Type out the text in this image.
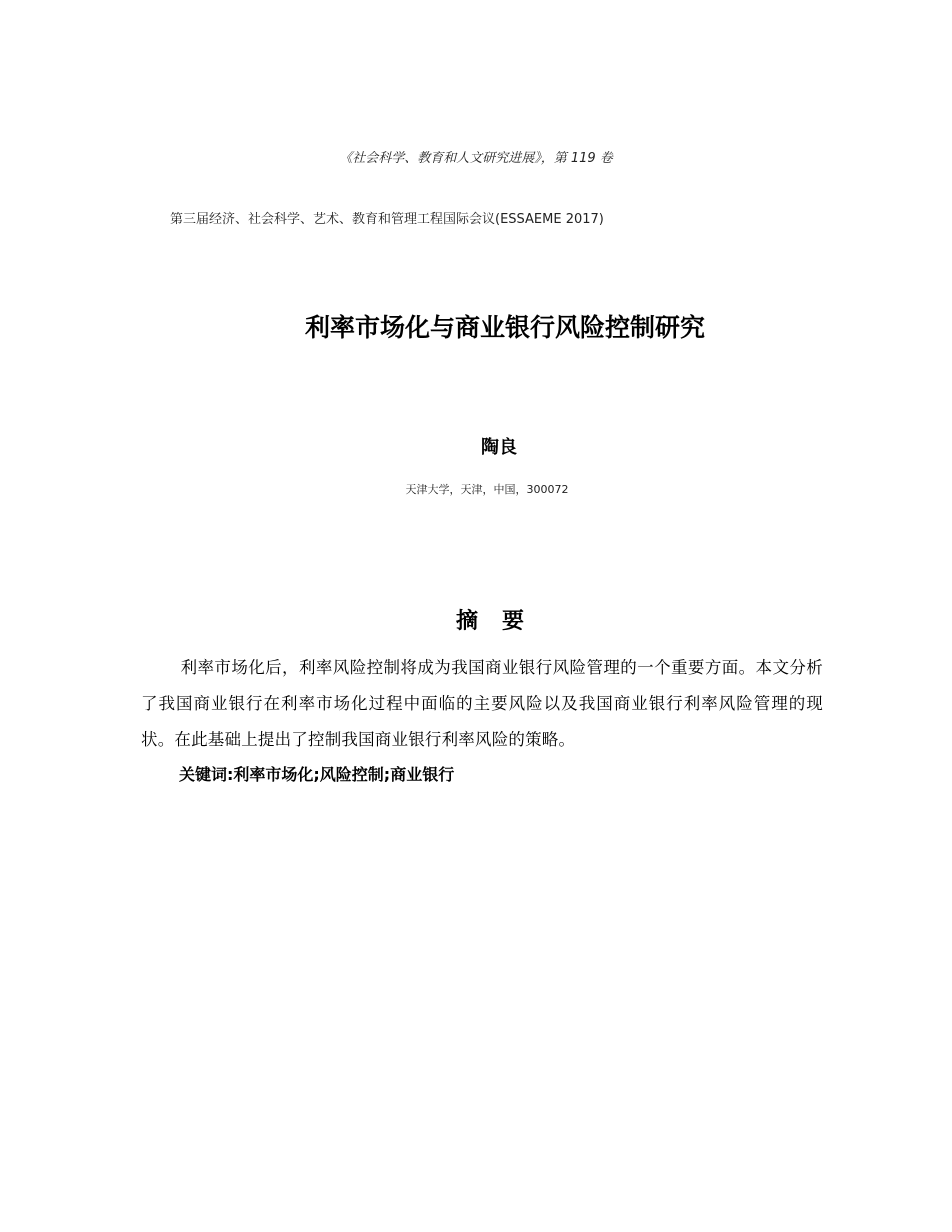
《社会科学、教育和人文研究进展》，第 119 卷
第三届经济、社会科学、艺术、教育和管理工程国际会议(ESSAEME 2017)
利率市场化与商业银行风险控制研究
陶良
天津大学，天津，中国，300072
摘要

利率市场化后，利率风险控制将成为我国商业银行风险管理的一个重要方面。本文分析了我国商业银行在利率市场化过程中面临的主要风险以及我国商业银行利率风险管理的现状。在此基础上提出了控制我国商业银行利率风险的策略。

关键词:利率市场化;风险控制;商业银行
